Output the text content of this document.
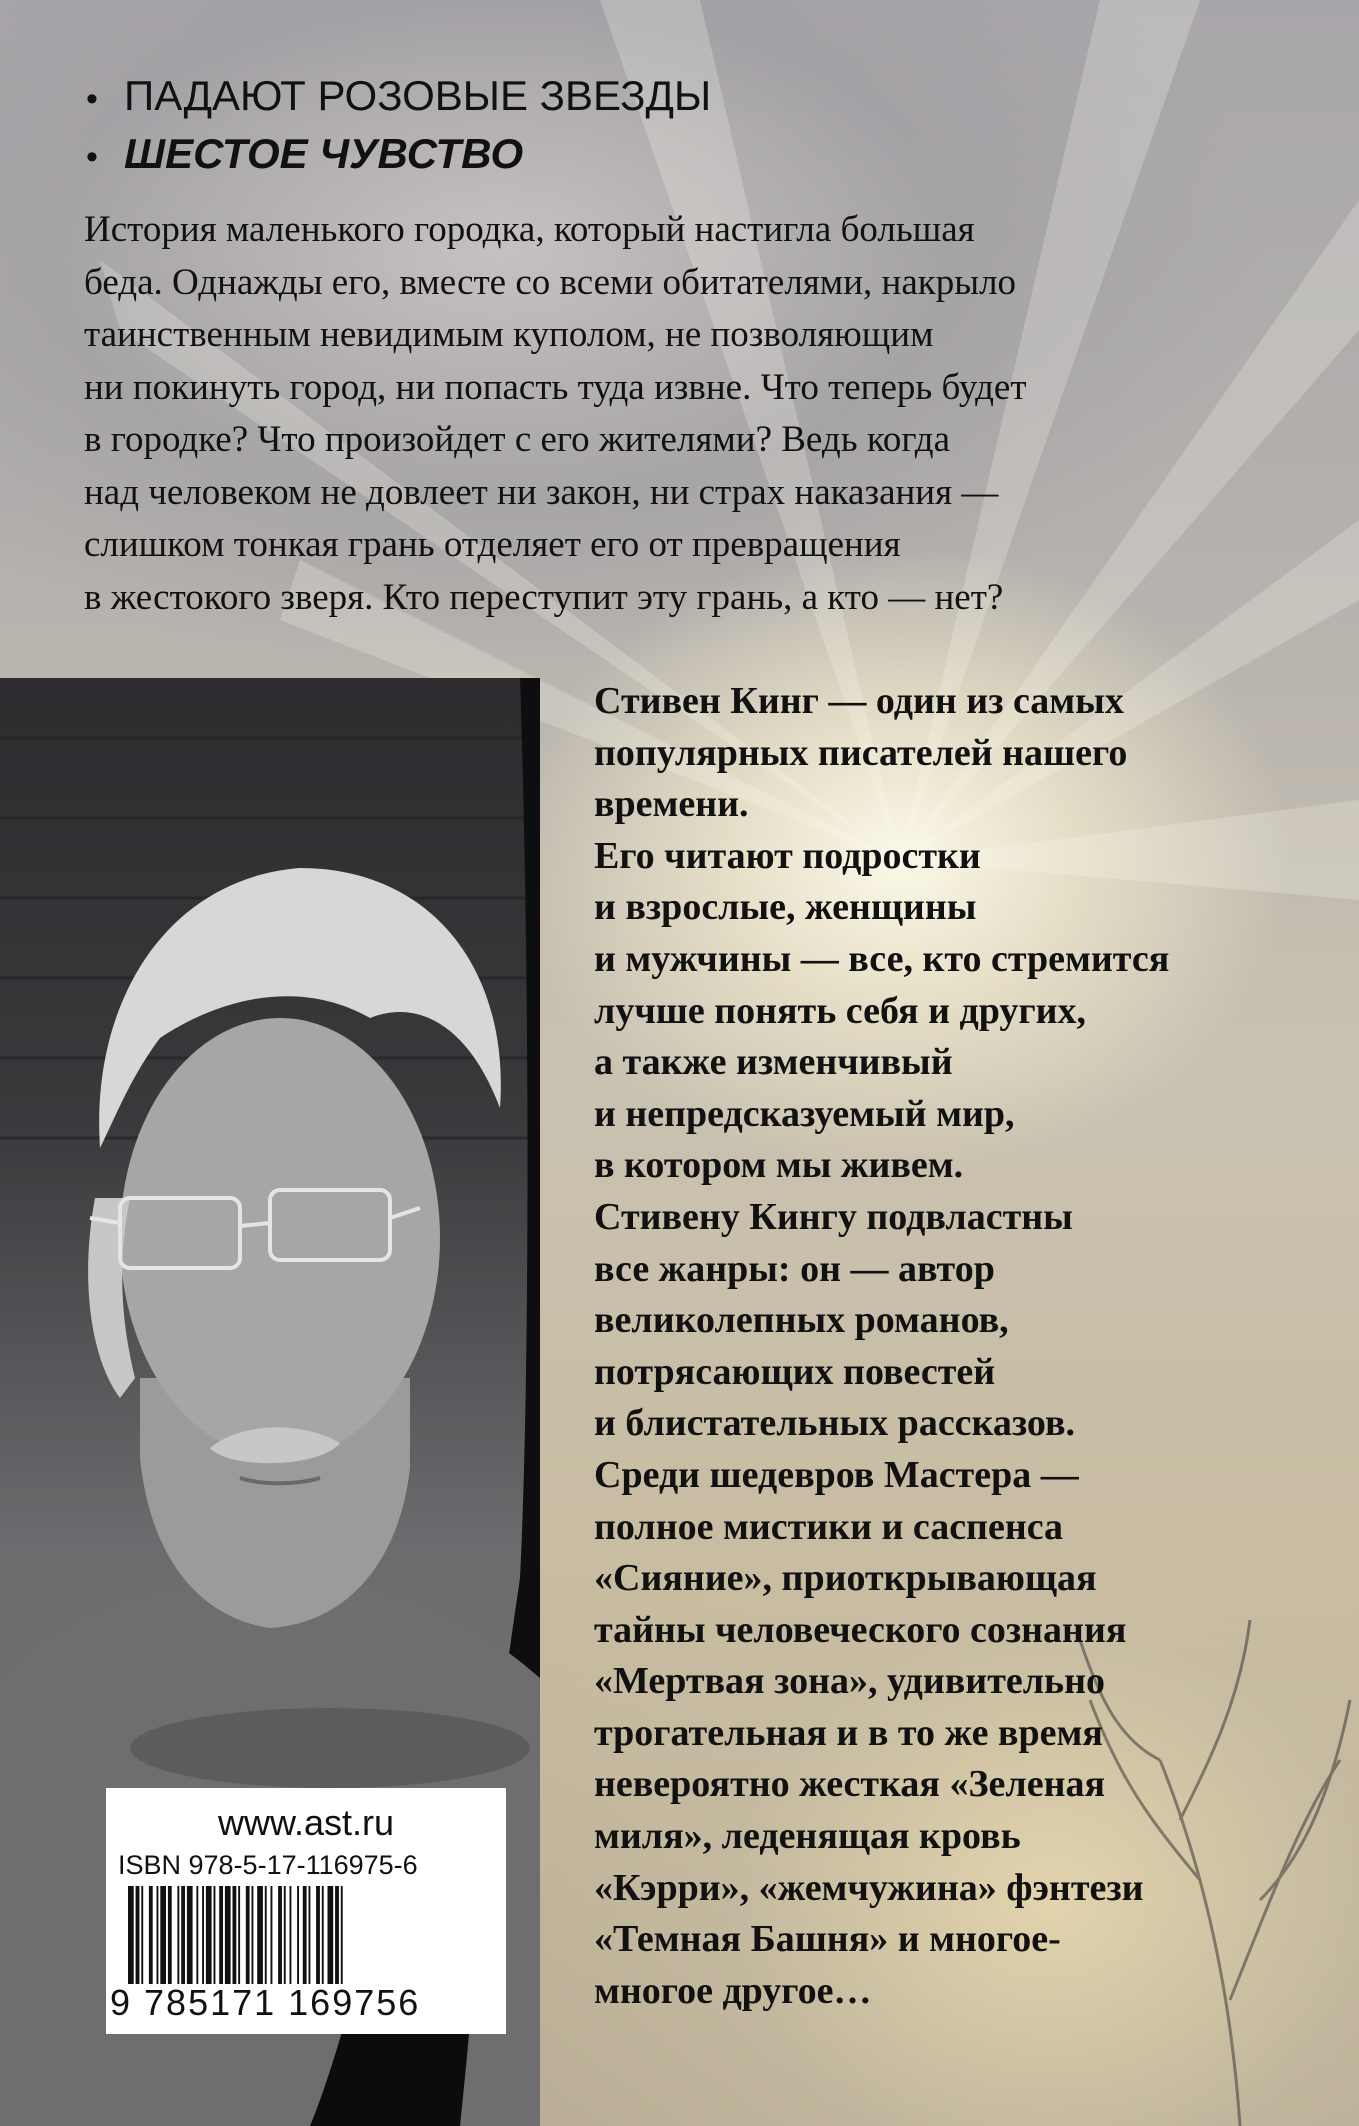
• ПАДАЮТ РОЗОВЫЕ ЗВЕЗДЫ
• ШЕСТОЕ ЧУВСТВО
История маленького городка, который настигла большая
беда. Однажды его, вместе со всеми обитателями, накрыло
таинственным невидимым куполом, не позволяющим
ни покинуть город, ни попасть туда извне. Что теперь будет
в городке? Что произойдет с его жителями? Ведь когда
над человеком не довлеет ни закон, ни страх наказания —
слишком тонкая грань отделяет его от превращения
в жестокого зверя. Кто переступит эту грань, а кто — нет?
Стивен Кинг — один из самых
популярных писателей нашего
времени.
Его читают подростки
и взрослые, женщины
и мужчины — все, кто стремится
лучше понять себя и других,
а также изменчивый
и непредсказуемый мир,
в котором мы живем.
Стивену Кингу подвластны
все жанры: он — автор
великолепных романов,
потрясающих повестей
и блистательных рассказов.
Среди шедевров Мастера —
полное мистики и саспенса
«Сияние», приоткрывающая
тайны человеческого сознания
«Мертвая зона», удивительно
трогательная и в то же время
невероятно жесткая «Зеленая
миля», леденящая кровь
«Кэрри», «жемчужина» фэнтези
«Темная Башня» и многое-
многое другое…
www.ast.ru
ISBN 978-5-17-116975-6
9 785171 169756
